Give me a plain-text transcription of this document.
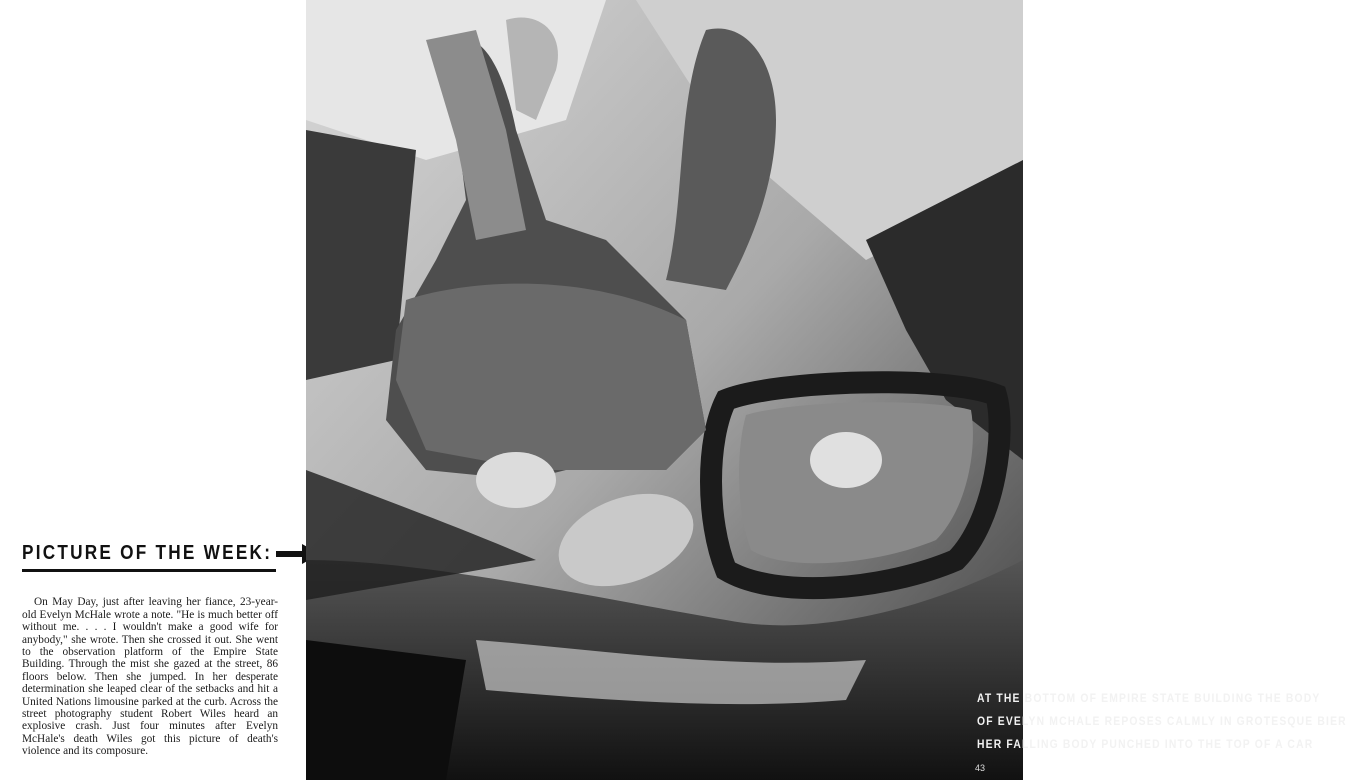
PICTURE OF THE WEEK:

On May Day, just after leaving her fiance, 23-year-old Evelyn McHale wrote a note. "He is much better off without me. . . . I wouldn't make a good wife for anybody," she wrote. Then she crossed it out. She went to the observation platform of the Empire State Building. Through the mist she gazed at the street, 86 floors below. Then she jumped. In her desperate determination she leaped clear of the setbacks and hit a United Nations limousine parked at the curb. Across the street photography student Robert Wiles heard an explosive crash. Just four minutes after Evelyn McHale's death Wiles got this picture of death's violence and its composure.

AT THE BOTTOM OF EMPIRE STATE BUILDING THE BODY
OF EVELYN MCHALE REPOSES CALMLY IN GROTESQUE BIER
HER FALLING BODY PUNCHED INTO THE TOP OF A CAR
43
